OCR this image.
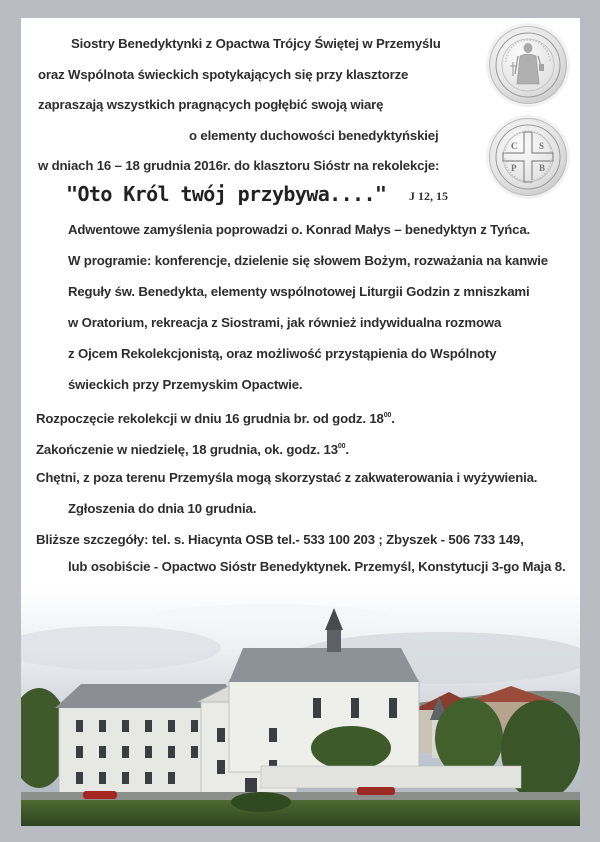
C S
P	B
Siostry Benedyktynki z Opactwa Trójcy Świętej w Przemyślu
oraz Wspólnota świeckich spotykających się przy klasztorze
zapraszają wszystkich pragnących pogłębić swoją wiarę
o elementy duchowości benedyktyńskiej
w dniach 16 – 18 grudnia 2016r. do klasztoru Sióstr na rekolekcje:
"Oto Król twój przybywa...." J 12, 15
Adwentowe zamyślenia poprowadzi o. Konrad Małys – benedyktyn z Tyńca.
W programie: konferencje, dzielenie się słowem Bożym, rozważania na kanwie
Reguły św. Benedykta, elementy wspólnotowej Liturgii Godzin z mniszkami
w Oratorium, rekreacja z Siostrami, jak również indywidualna rozmowa
z Ojcem Rekolekcjonistą, oraz możliwość przystąpienia do Wspólnoty
świeckich przy Przemyskim Opactwie.
Rozpoczęcie rekolekcji w dniu 16 grudnia br. od godz. $18^{00}$.
Zakończenie w niedzielę, 18 grudnia, ok. godz. $13^{00}$.
Chętni, z poza terenu Przemyśla mogą skorzystać z zakwaterowania i wyżywienia.
Zgłoszenia do dnia 10 grudnia.
Bliższe szczegóły: tel. s. Hiacynta OSB tel.- 533 100 203 ; Zbyszek - 506 733 149,
lub osobiście - Opactwo Sióstr Benedyktynek. Przemyśl, Konstytucji 3-go Maja 8.
